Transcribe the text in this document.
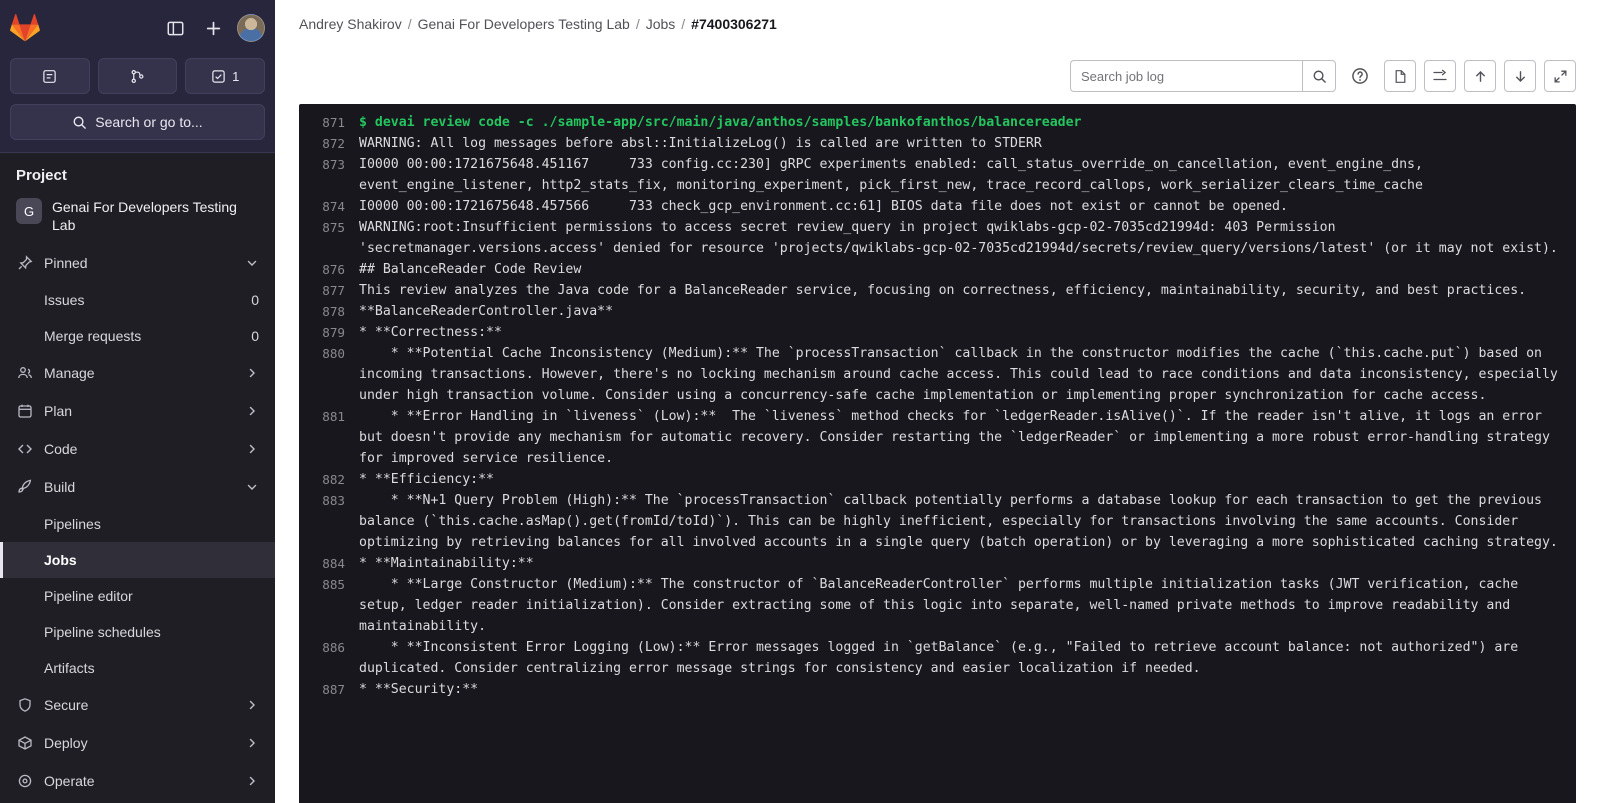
1
Search or go to...
Project
G	Genai For Developers Testing Lab
Pinned
Issues	0
Merge requests	0
Manage
Plan
Code
Build
Pipelines
Jobs
Pipeline editor
Pipeline schedules
Artifacts
Secure
Deploy
Operate
Andrey Shakirov / Genai For Developers Testing Lab / Jobs / #7400306271
Search job log
871	$ devai review code -c ./sample-app/src/main/java/anthos/samples/bankofanthos/balancereader
872	WARNING: All log messages before absl::InitializeLog() is called are written to STDERR
873	I0000 00:00:1721675648.451167     733 config.cc:230] gRPC experiments enabled: call_status_override_on_cancellation, event_engine_dns, event_engine_listener, http2_stats_fix, monitoring_experiment, pick_first_new, trace_record_callops, work_serializer_clears_time_cache
874	I0000 00:00:1721675648.457566     733 check_gcp_environment.cc:61] BIOS data file does not exist or cannot be opened.
875	WARNING:root:Insufficient permissions to access secret review_query in project qwiklabs-gcp-02-7035cd21994d: 403 Permission 'secretmanager.versions.access' denied for resource 'projects/qwiklabs-gcp-02-7035cd21994d/secrets/review_query/versions/latest' (or it may not exist).
876	## BalanceReader Code Review
877	This review analyzes the Java code for a BalanceReader service, focusing on correctness, efficiency, maintainability, security, and best practices.
878	**BalanceReaderController.java**
879	* **Correctness:**
880	* **Potential Cache Inconsistency (Medium):** The `processTransaction` callback in the constructor modifies the cache (`this.cache.put`) based on incoming transactions. However, there's no locking mechanism around cache access. This could lead to race conditions and data inconsistency, especially under high transaction volume. Consider using a concurrency-safe cache implementation or implementing proper synchronization for cache access.
881	* **Error Handling in `liveness` (Low):**  The `liveness` method checks for `ledgerReader.isAlive()`. If the reader isn't alive, it logs an error but doesn't provide any mechanism for automatic recovery. Consider restarting the `ledgerReader` or implementing a more robust error-handling strategy for improved service resilience.
882	* **Efficiency:**
883	* **N+1 Query Problem (High):** The `processTransaction` callback potentially performs a database lookup for each transaction to get the previous balance (`this.cache.asMap().get(fromId/toId)`). This can be highly inefficient, especially for transactions involving the same accounts. Consider optimizing by retrieving balances for all involved accounts in a single query (batch operation) or by leveraging a more sophisticated caching strategy.
884	* **Maintainability:**
885	* **Large Constructor (Medium):** The constructor of `BalanceReaderController` performs multiple initialization tasks (JWT verification, cache setup, ledger reader initialization). Consider extracting some of this logic into separate, well-named private methods to improve readability and maintainability.
886	* **Inconsistent Error Logging (Low):** Error messages logged in `getBalance` (e.g., "Failed to retrieve account balance: not authorized") are duplicated. Consider centralizing error message strings for consistency and easier localization if needed.
887	* **Security:**
